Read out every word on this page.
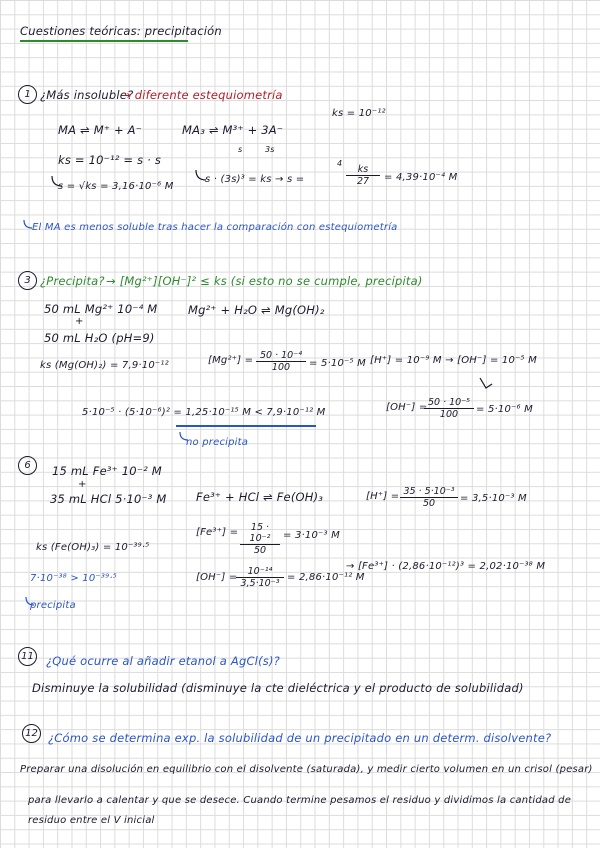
Cuestiones teóricas: precipitación
1 ¿Más insoluble?
→ diferente estequiometría
ks = 10⁻¹²
MA ⇌ M⁺ + A⁻	MA₃ ⇌ M³⁺ + 3A⁻
s	3s
ks = 10⁻¹² = s · s
s = √ks = 3,16·10⁻⁶ M
s · (3s)³ = ks → s =
4
$\frac{ks}{27} = 4,39\cdot 10^{-4}$ M
El MA es menos soluble tras hacer la comparación con estequiometría
3 ¿Precipita? → [Mg²⁺][OH⁻]² ≤ ks (si esto no se cumple, precipita)
50 mL Mg²⁺ 10⁻⁴ M
+
50 mL H₂O (pH=9)
Mg²⁺ + H₂O ⇌ Mg(OH)₂
ks (Mg(OH)₂) = 7,9·10⁻¹²	$[Mg^{2+}] = \frac{\text{50 · 10⁻⁴}}{100} = 5\cdot 10^{-5}$ M [H⁺] = 10⁻⁹ M → [OH⁻] = 10⁻⁵ M
[OH⁻] =
$\frac{\text{50 · 10⁻⁵}}{100} = 5\cdot 10^{-6}$ M
5·10⁻⁵ · (5·10⁻⁶)² = 1,25·10⁻¹⁵ M < 7,9·10⁻¹² M
no precipita
6	15 mL Fe³⁺ 10⁻² M
+
35 mL HCl 5·10⁻³ M	Fe³⁺ + HCl ⇌ Fe(OH)₃	$[H^+] = \frac{\text{35 · 5·10⁻³}}{50} = 3,5\cdot 10^{-3}$ M
$[Fe^{3+}] = \frac{\text{15 · 10⁻²}}{50} = 3\cdot 10^{-3}$ M
ks (Fe(OH)₃) = 10⁻³⁹·⁵
[OH⁻] =
$\frac{\text{10⁻¹⁴}}{\text{3,5·10⁻³}} = 2,86\cdot 10^{-12}$ M
→ [Fe³⁺] · (2,86·10⁻¹²)³ = 2,02·10⁻³⁸ M
7·10⁻³⁸ > 10⁻³⁹·⁵
precipita
11 ¿Qué ocurre al añadir etanol a AgCl(s)?
Disminuye la solubilidad (disminuye la cte dieléctrica y el producto de solubilidad)
12 ¿Cómo se determina exp. la solubilidad de un precipitado en un determ. disolvente?
Preparar una disolución en equilibrio con el disolvente (saturada), y medir cierto volumen en un crisol (pesar)
para llevarlo a calentar y que se desece. Cuando termine pesamos el residuo y dividimos la cantidad de
residuo entre el V inicial
